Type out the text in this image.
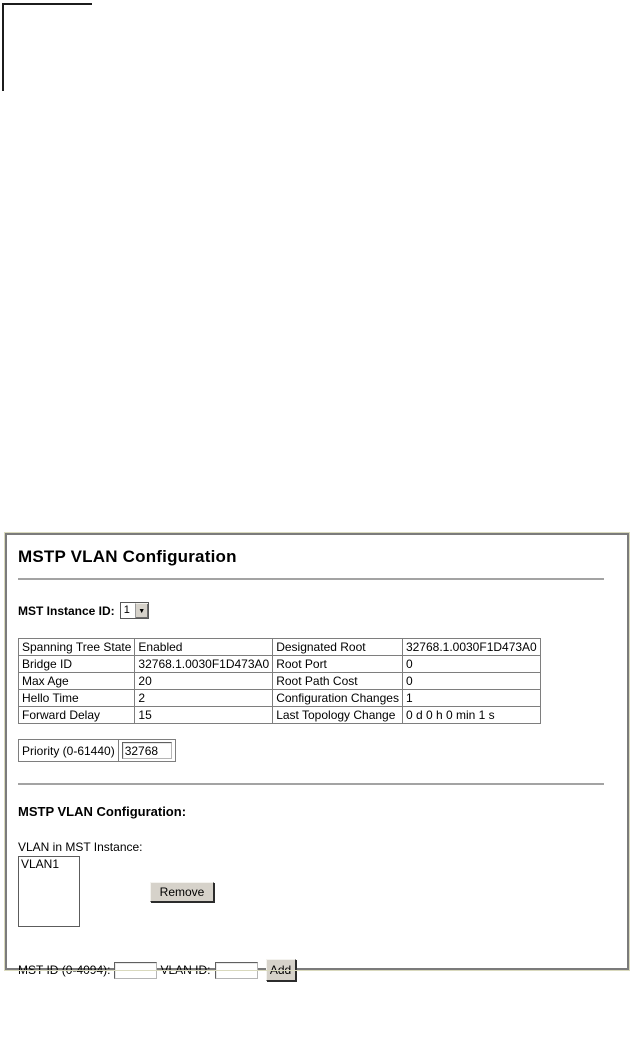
MSTP VLAN Configuration
MST Instance ID: 1	▼
Spanning Tree State	Enabled	Designated Root	32768.1.0030F1D473A0
Bridge ID	32768.1.0030F1D473A0	Root Port	0
Max Age	20	Root Path Cost	0
Hello Time	2	Configuration Changes	1
Forward Delay	15	Last Topology Change	0 d 0 h 0 min 1 s
Priority (0-61440)	32768
MSTP VLAN Configuration:
VLAN in MST Instance:
VLAN1
Remove
MST ID (0-4094):	VLAN ID:	Add
